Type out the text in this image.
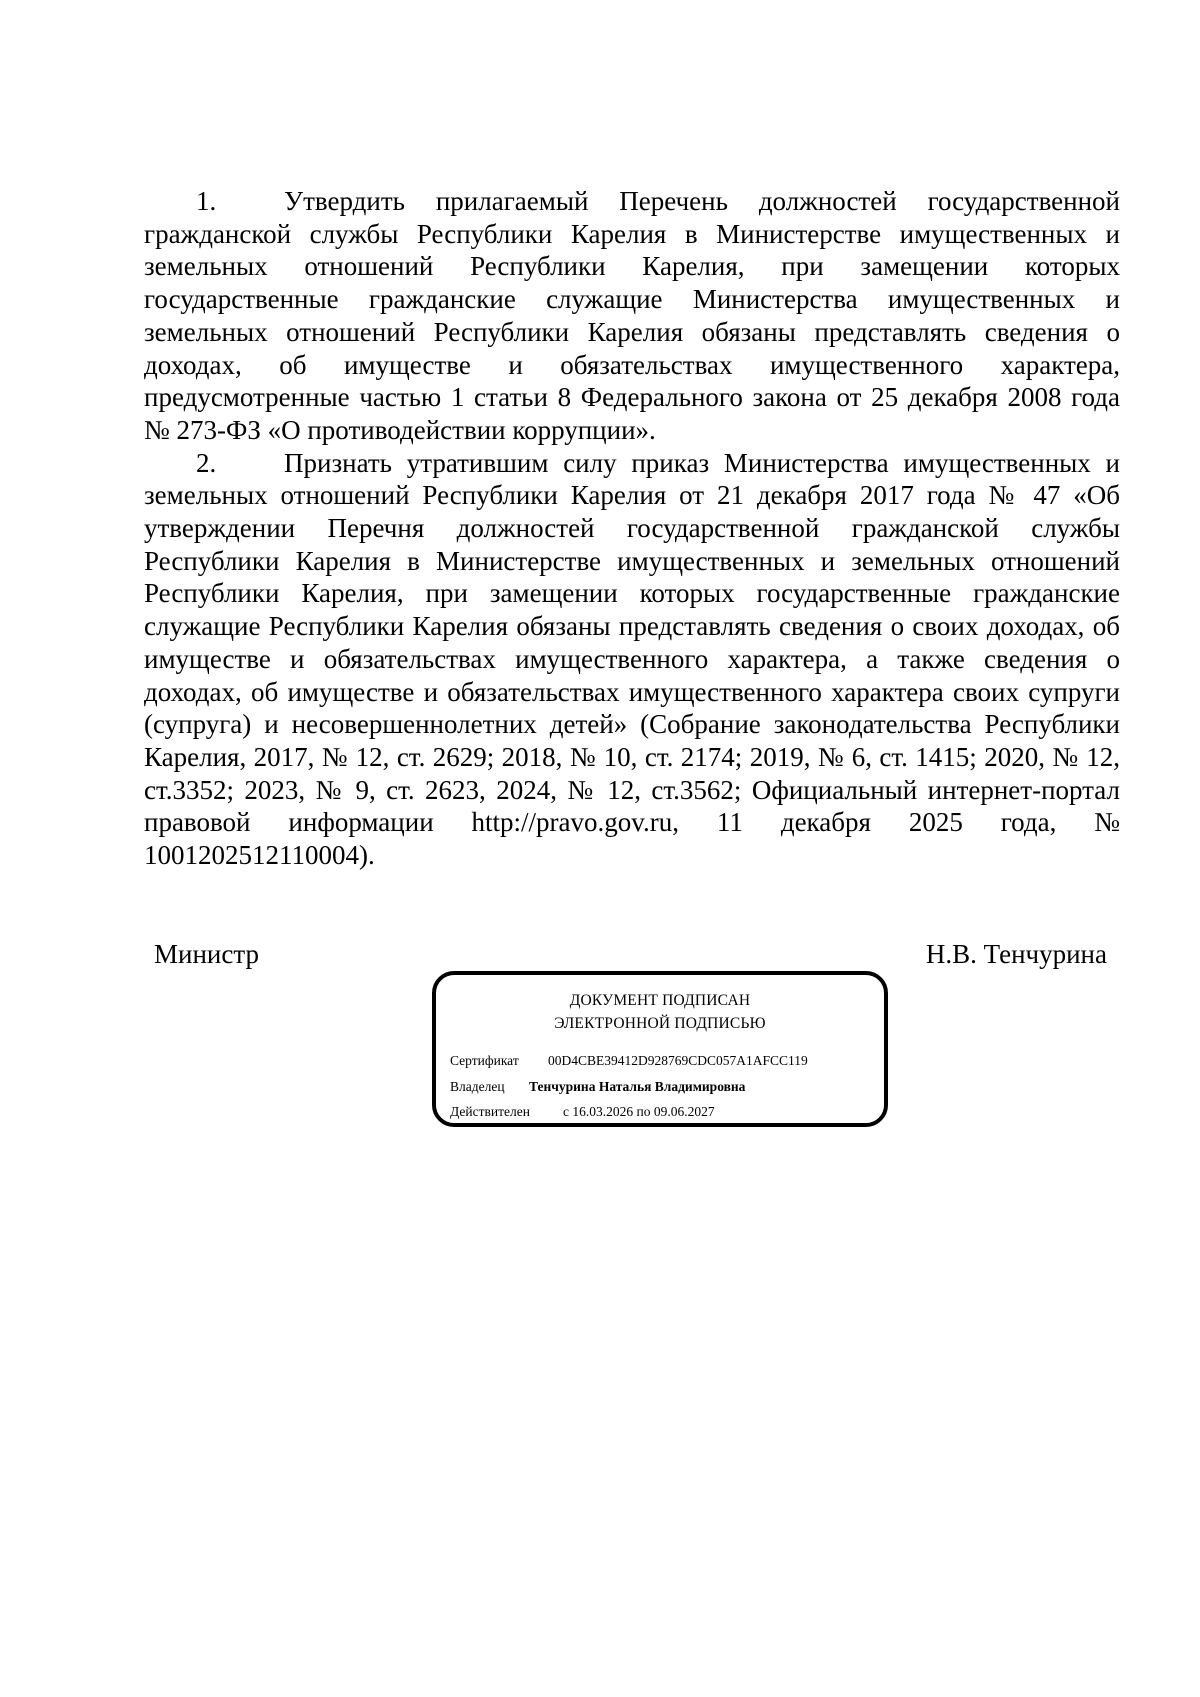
1.	Утвердить прилагаемый Перечень должностей государственной гражданской службы Республики Карелия в Министерстве имущественных и земельных отношений Республики Карелия, при замещении которых государственные гражданские служащие Министерства имущественных и земельных отношений Республики Карелия обязаны представлять сведения о доходах, об имуществе и обязательствах имущественного характера, предусмотренные частью 1 статьи 8 Федерального закона от 25 декабря 2008 года № 273-ФЗ «О противодействии коррупции».

2.	Признать утратившим силу приказ Министерства имущественных и земельных отношений Республики Карелия от 21 декабря 2017 года № 47 «Об утверждении Перечня должностей государственной гражданской службы Республики Карелия в Министерстве имущественных и земельных отношений Республики Карелия, при замещении которых государственные гражданские служащие Республики Карелия обязаны представлять сведения о своих доходах, об имуществе и обязательствах имущественного характера, а также сведения о доходах, об имуществе и обязательствах имущественного характера своих супруги (супруга) и несовершеннолетних детей» (Собрание законодательства Республики Карелия, 2017, № 12, ст. 2629; 2018, № 10, ст. 2174; 2019, № 6, ст. 1415; 2020, № 12, ст.3352; 2023, № 9, ст. 2623, 2024, № 12, ст.3562; Официальный интернет-портал правовой информации http://pravo.gov.ru, 11 декабря 2025 года, № 1001202512110004).

Министр	Н.В. Тенчурина
ДОКУМЕНТ ПОДПИСАН
ЭЛЕКТРОННОЙ ПОДПИСЬЮ
Сертификат 00D4CBE39412D928769CDC057A1AFCC119
Владелец Тенчурина Наталья Владимировна
Действителен с 16.03.2026 по 09.06.2027
